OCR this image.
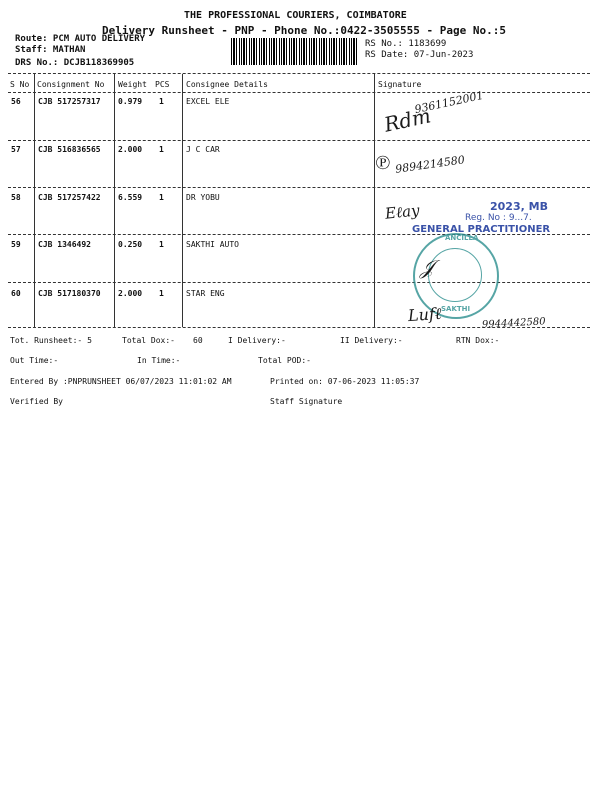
THE PROFESSIONAL COURIERS, COIMBATORE
Delivery Runsheet - PNP - Phone No.:0422-3505555 - Page No.:5
Route: PCM AUTO DELIVERY
Staff: MATHAN
DRS No.: DCJB118369905
RS No.: 1183699
RS Date: 07-Jun-2023
S No Consignment No Weight PCS Consignee Details	Signature
56 CJB 517257317 0.979 1	EXCEL ELE
57 CJB 516836565 2.000 1	J C CAR
58 CJB 517257422 6.559 1	DR YOBU
59 CJB 1346492	0.250 1	SAKTHI AUTO
60 CJB 517180370 2.000 1	STAR ENG
Rdm
9361152001
℗ 9894214580
Eℓay	2023, MB
Reg. No : 9...7.
GENERAL PRACTITIONER
ANCILLA
SAKTHI
𝒥
Lufℓ	9944442580
Tot. Runsheet:- 5	Total Dox:- 60	I Delivery:-	II Delivery:-	RTN Dox:-
Out Time:-	In Time:-	Total POD:-
Entered By :PNPRUNSHEET 06/07/2023 11:01:02 AM	Printed on: 07-06-2023 11:05:37
Verified By	Staff Signature
